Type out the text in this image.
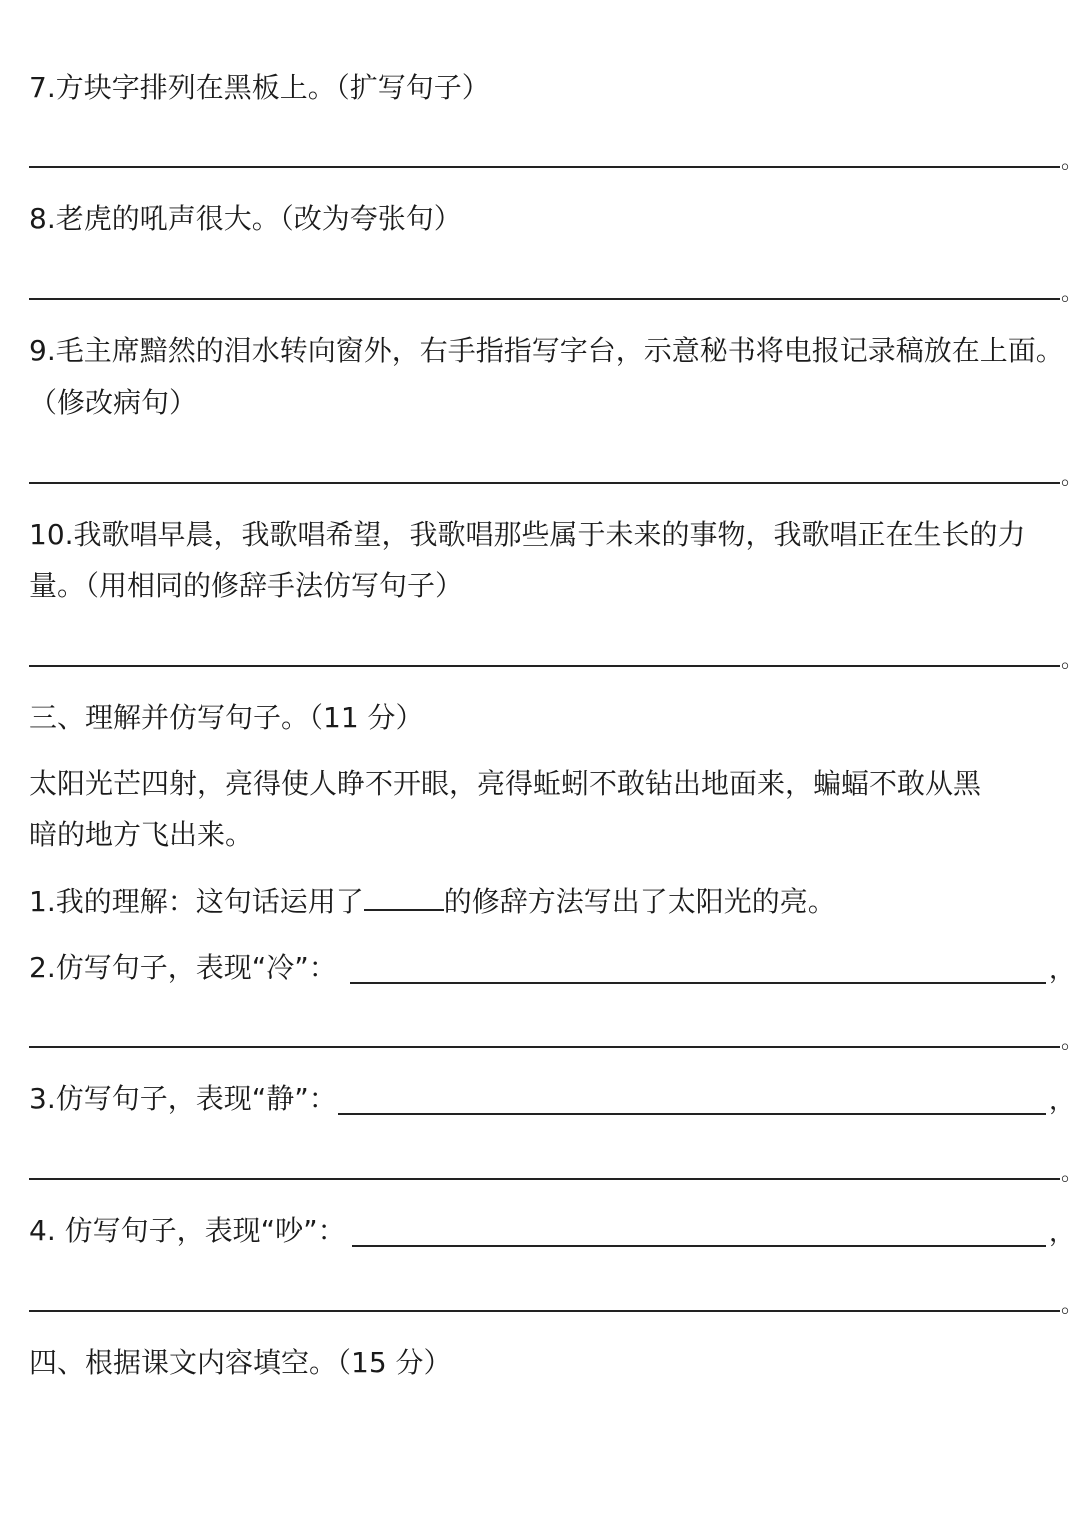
7.方块字排列在黑板上。（扩写句子）
。
8.老虎的吼声很大。（改为夸张句）
。
9.毛主席黯然的泪水转向窗外，右手指指写字台，示意秘书将电报记录稿放在上面。
（修改病句）
。
10.我歌唱早晨，我歌唱希望，我歌唱那些属于未来的事物，我歌唱正在生长的力
量。（用相同的修辞手法仿写句子）
。
三、理解并仿写句子。（11 分）
太阳光芒四射，亮得使人睁不开眼，亮得蚯蚓不敢钻出地面来，蝙蝠不敢从黑
暗的地方飞出来。
1.我的理解：这句话运用了	的修辞方法写出了太阳光的亮。
2.仿写句子，表现“冷”：	，
。
3.仿写句子，表现“静”：	，
。
4. 仿写句子，表现“吵”：	，
。
四、根据课文内容填空。（15 分）
